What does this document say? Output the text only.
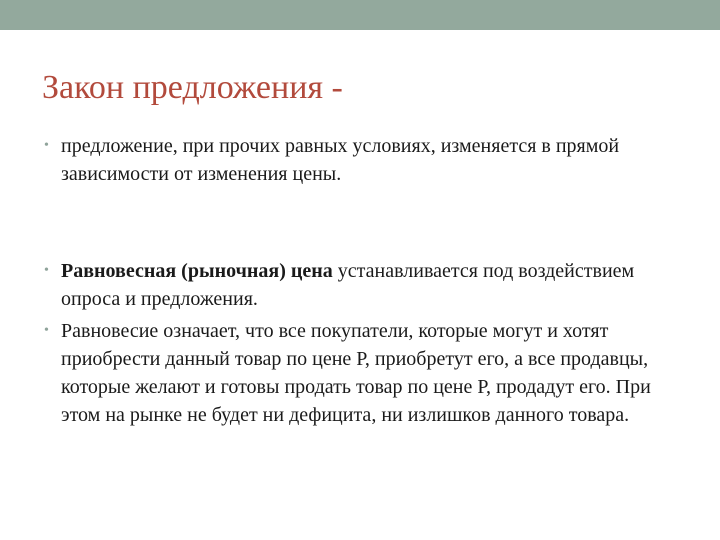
Закон предложения -
• предложение, при прочих равных условиях, изменяется в прямой зависимости от изменения цены.
• Равновесная (рыночная) цена устанавливается под воздействием опроса и предложения.
• Равновесие означает, что все покупатели, которые могут и хотят приобрести данный товар по цене Р, приобретут его, а все продавцы, которые желают и готовы продать товар по цене Р, продадут его. При этом на рынке не будет ни дефицита, ни излишков данного товара.
